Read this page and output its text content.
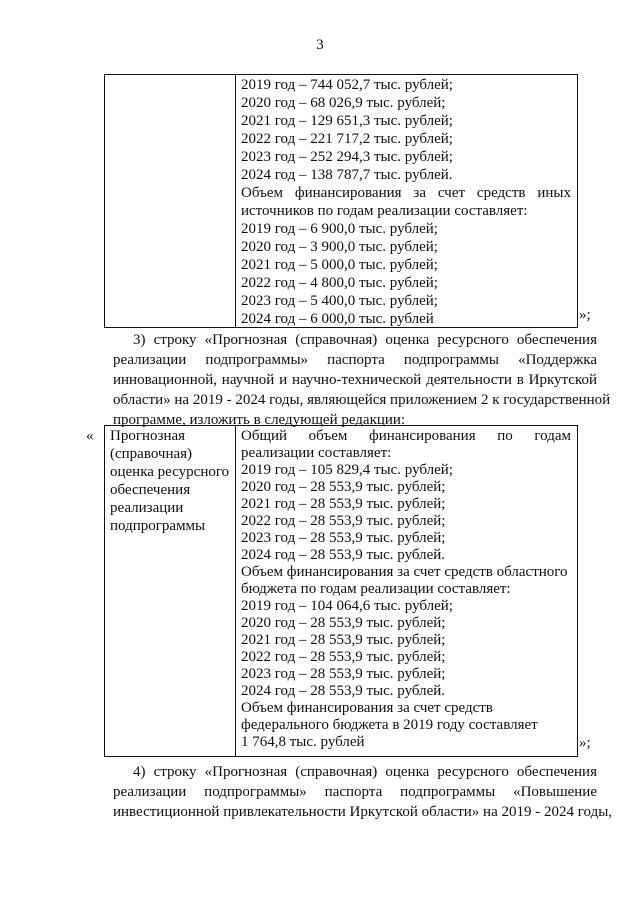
3
2019 год – 744 052,7 тыс. рублей;
2020 год – 68 026,9 тыс. рублей;
2021 год – 129 651,3 тыс. рублей;
2022 год – 221 717,2 тыс. рублей;
2023 год – 252 294,3 тыс. рублей;
2024 год – 138 787,7 тыс. рублей.
Объем финансирования за счет средств иных
источников по годам реализации составляет:
2019 год – 6 900,0 тыс. рублей;
2020 год – 3 900,0 тыс. рублей;
2021 год – 5 000,0 тыс. рублей;
2022 год – 4 800,0 тыс. рублей;
2023 год – 5 400,0 тыс. рублей;
2024 год – 6 000,0 тыс. рублей	»;
3) строку «Прогнозная (справочная) оценка ресурсного обеспечения
реализации подпрограммы» паспорта подпрограммы «Поддержка
инновационной, научной и научно-технической деятельности в Иркутской
области» на 2019 - 2024 годы, являющейся приложением 2 к государственной
программе, изложить в следующей редакции:
« Прогнозная
(справочная)
оценка ресурсного
обеспечения
реализации
подпрограммы
Общий объем финансирования по годам
реализации составляет:
2019 год – 105 829,4 тыс. рублей;
2020 год – 28 553,9 тыс. рублей;
2021 год – 28 553,9 тыс. рублей;
2022 год – 28 553,9 тыс. рублей;
2023 год – 28 553,9 тыс. рублей;
2024 год – 28 553,9 тыс. рублей.
Объем финансирования за счет средств областного
бюджета по годам реализации составляет:
2019 год – 104 064,6 тыс. рублей;
2020 год – 28 553,9 тыс. рублей;
2021 год – 28 553,9 тыс. рублей;
2022 год – 28 553,9 тыс. рублей;
2023 год – 28 553,9 тыс. рублей;
2024 год – 28 553,9 тыс. рублей.
Объем финансирования за счет средств
федерального бюджета в 2019 году составляет
1 764,8 тыс. рублей	»;
4) строку «Прогнозная (справочная) оценка ресурсного обеспечения
реализации подпрограммы» паспорта подпрограммы «Повышение
инвестиционной привлекательности Иркутской области» на 2019 - 2024 годы,
